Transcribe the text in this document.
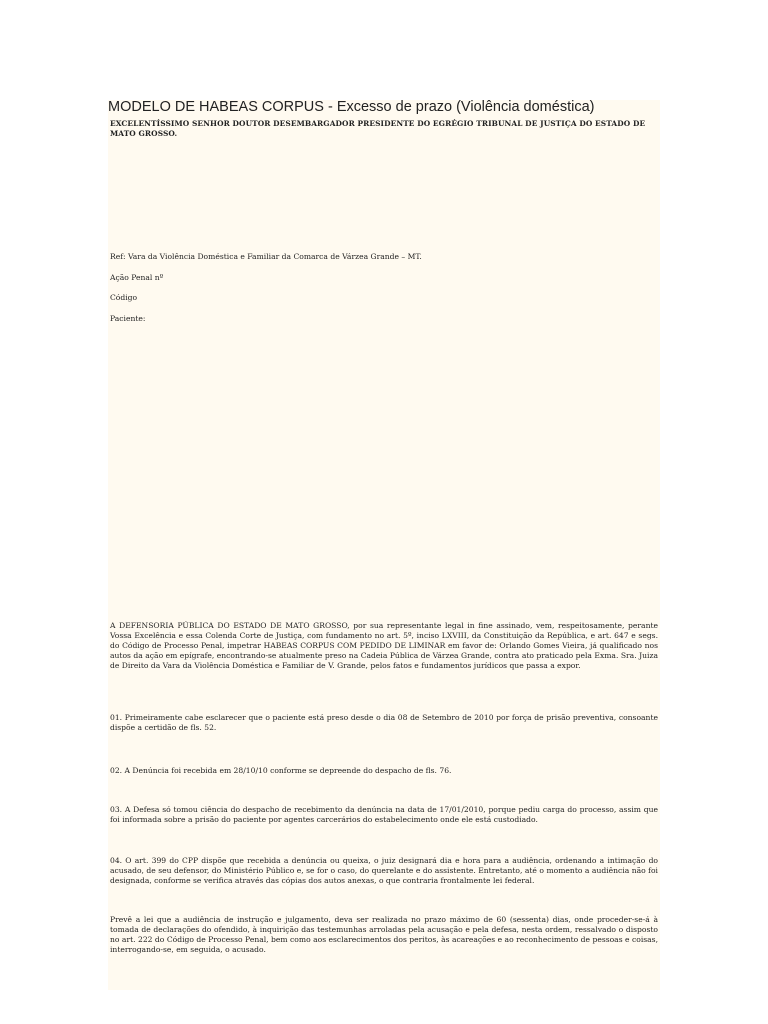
MODELO DE HABEAS CORPUS - Excesso de prazo (Violência doméstica)
EXCELENTÍSSIMO SENHOR DOUTOR DESEMBARGADOR PRESIDENTE DO EGRÉGIO TRIBUNAL DE JUSTIÇA DO ESTADO DE MATO GROSSO.
Ref: Vara da Violência Doméstica e Familiar da Comarca de Várzea Grande – MT.
Ação Penal nº
Código
Paciente:
A DEFENSORIA PÚBLICA DO ESTADO DE MATO GROSSO, por sua representante legal in fine assinado, vem, respeitosamente, perante Vossa Excelência e essa Colenda Corte de Justiça, com fundamento no art. 5º, inciso LXVIII, da Constituição da República, e art. 647 e segs. do Código de Processo Penal, impetrar HABEAS CORPUS COM PEDIDO DE LIMINAR em favor de: Orlando Gomes Vieira, já qualificado nos autos da ação em epígrafe, encontrando-se atualmente preso na Cadeia Pública de Várzea Grande, contra ato praticado pela Exma. Sra. Juiza de Direito da Vara da Violência Doméstica e Familiar de V. Grande, pelos fatos e fundamentos jurídicos que passa a expor.
01. Primeiramente cabe esclarecer que o paciente está preso desde o dia 08 de Setembro de 2010 por força de prisão preventiva, consoante dispõe a certidão de fls. 52.
02. A Denúncia foi recebida em 28/10/10 conforme se depreende do despacho de fls. 76.
03. A Defesa só tomou ciência do despacho de recebimento da denúncia na data de 17/01/2010, porque pediu carga do processo, assim que foi informada sobre a prisão do paciente por agentes carcerários do estabelecimento onde ele está custodiado.
04. O art. 399 do CPP dispõe que recebida a denúncia ou queixa, o juiz designará dia e hora para a audiência, ordenando a intimação do acusado, de seu defensor, do Ministério Público e, se for o caso, do querelante e do assistente. Entretanto, até o momento a audiência não foi designada, conforme se verifica através das cópias dos autos anexas, o que contraria frontalmente lei federal.
Prevê a lei que a audiência de instrução e julgamento, deva ser realizada no prazo máximo de 60 (sessenta) dias, onde proceder-se-á à tomada de declarações do ofendido, à inquirição das testemunhas arroladas pela acusação e pela defesa, nesta ordem, ressalvado o disposto no art. 222 do Código de Processo Penal, bem como aos esclarecimentos dos peritos, às acareações e ao reconhecimento de pessoas e coisas, interrogando-se, em seguida, o acusado.
